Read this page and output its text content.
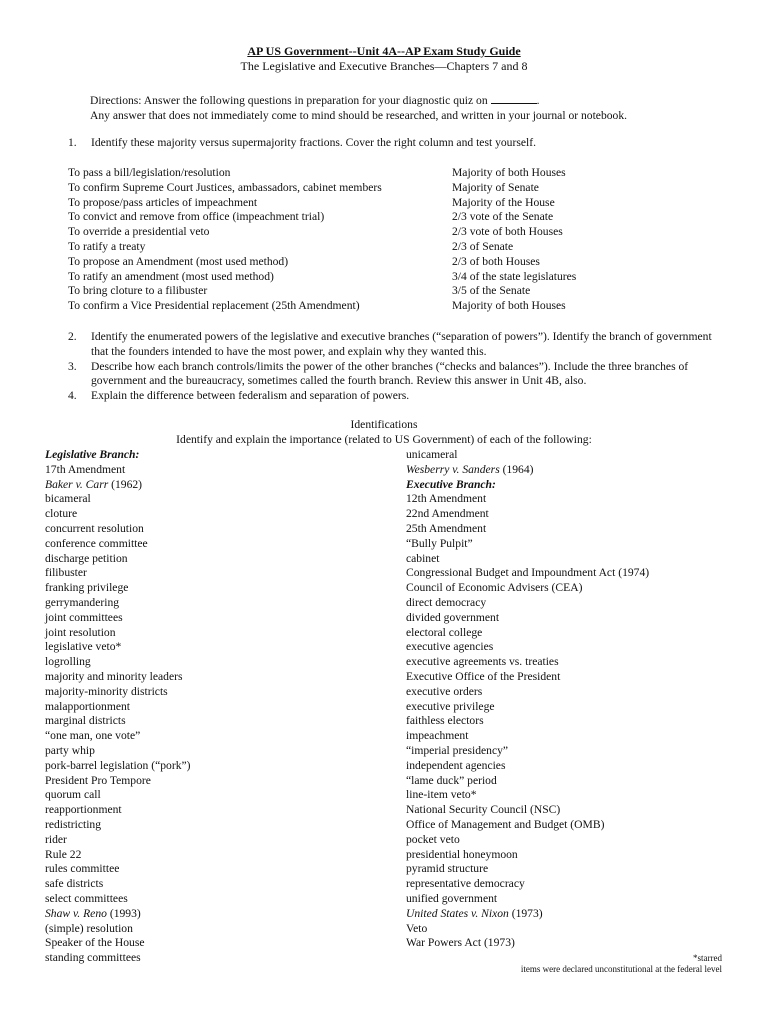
AP US Government--Unit 4A--AP Exam Study Guide
The Legislative and Executive Branches—Chapters 7 and 8
Directions: Answer the following questions in preparation for your diagnostic quiz on	.
Any answer that does not immediately come to mind should be researched, and written in your journal or notebook.
1. Identify these majority versus supermajority fractions. Cover the right column and test yourself.
To pass a bill/legislation/resolution	Majority of both Houses
To confirm Supreme Court Justices, ambassadors, cabinet members	Majority of Senate
To propose/pass articles of impeachment	Majority of the House
To convict and remove from office (impeachment trial)	2/3 vote of the Senate
To override a presidential veto	2/3 vote of both Houses
To ratify a treaty	2/3 of Senate
To propose an Amendment (most used method)	2/3 of both Houses
To ratify an amendment (most used method)	3/4 of the state legislatures
To bring cloture to a filibuster	3/5 of the Senate
To confirm a Vice Presidential replacement (25th Amendment)	Majority of both Houses
2.	Identify the enumerated powers of the legislative and executive branches (“separation of powers”). Identify the branch of government that the founders intended to have the most power, and explain why they wanted this.
3.	Describe how each branch controls/limits the power of the other branches (“checks and balances”). Include the three branches of government and the bureaucracy, sometimes called the fourth branch. Review this answer in Unit 4B, also.
4.	Explain the difference between federalism and separation of powers.
Identifications
Identify and explain the importance (related to US Government) of each of the following:
Legislative Branch:
17th Amendment
Baker v. Carr (1962)
bicameral
cloture
concurrent resolution
conference committee
discharge petition
filibuster
franking privilege
gerrymandering
joint committees
joint resolution
legislative veto*
logrolling
majority and minority leaders
majority-minority districts
malapportionment
marginal districts
“one man, one vote”
party whip
pork-barrel legislation (“pork”)
President Pro Tempore
quorum call
reapportionment
redistricting
rider
Rule 22
rules committee
safe districts
select committees
Shaw v. Reno (1993)
(simple) resolution
Speaker of the House
standing committees
unicameral
Wesberry v. Sanders (1964)
Executive Branch:
12th Amendment
22nd Amendment
25th Amendment
“Bully Pulpit”
cabinet
Congressional Budget and Impoundment Act (1974)
Council of Economic Advisers (CEA)
direct democracy
divided government
electoral college
executive agencies
executive agreements vs. treaties
Executive Office of the President
executive orders
executive privilege
faithless electors
impeachment
“imperial presidency”
independent agencies
“lame duck” period
line-item veto*
National Security Council (NSC)
Office of Management and Budget (OMB)
pocket veto
presidential honeymoon
pyramid structure
representative democracy
unified government
United States v. Nixon (1973)
Veto
War Powers Act (1973)
*starred
items were declared unconstitutional at the federal level
